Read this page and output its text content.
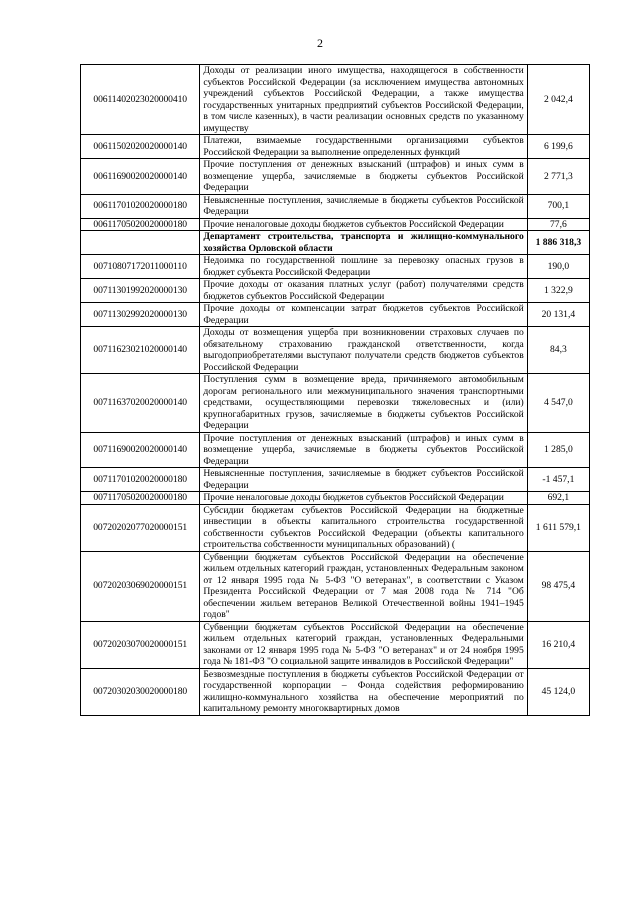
2
00611402023020000410	Доходы от реализации иного имущества, находящегося в собственности субъектов Российской Федерации (за исключением имущества автономных учреждений субъектов Российской Федерации, а также имущества государственных унитарных предприятий субъектов Российской Федерации, в том числе казенных), в части реализации основных средств по указанному имуществу	2 042,4
00611502020020000140	Платежи, взимаемые государственными организациями субъектов Российской Федерации за выполнение определенных функций	6 199,6
00611690020020000140	Прочие поступления от денежных взысканий (штрафов) и иных сумм в возмещение ущерба, зачисляемые в бюджеты субъектов Российской Федерации	2 771,3
00611701020020000180	Невыясненные поступления, зачисляемые в бюджеты субъектов Российской Федерации	700,1
00611705020020000180	Прочие неналоговые доходы бюджетов субъектов Российской Федерации	77,6
	Департамент строительства, транспорта и жилищно-коммунального хозяйства Орловской области	1 886 318,3
00710807172011000110	Недоимка по государственной пошлине за перевозку опасных грузов в бюджет субъекта Российской Федерации	190,0
00711301992020000130	Прочие доходы от оказания платных услуг (работ) получателями средств бюджетов субъектов Российской Федерации	1 322,9
00711302992020000130	Прочие доходы от компенсации затрат бюджетов субъектов Российской Федерации	20 131,4
00711623021020000140	Доходы от возмещения ущерба при возникновении страховых случаев по обязательному страхованию гражданской ответственности, когда выгодоприобретателями выступают получатели средств бюджетов субъектов Российской Федерации	84,3
00711637020020000140	Поступления сумм в возмещение вреда, причиняемого автомобильным дорогам регионального или межмуниципального значения транспортными средствами, осуществляющими перевозки тяжеловесных и (или) крупногабаритных грузов, зачисляемые в бюджеты субъектов Российской Федерации	4 547,0
00711690020020000140	Прочие поступления от денежных взысканий (штрафов) и иных сумм в возмещение ущерба, зачисляемые в бюджеты субъектов Российской Федерации	1 285,0
00711701020020000180	Невыясненные поступления, зачисляемые в бюджет субъектов Российской Федерации	-1 457,1
00711705020020000180	Прочие неналоговые доходы бюджетов субъектов Российской Федерации	692,1
00720202077020000151	Субсидии бюджетам субъектов Российской Федерации на бюджетные инвестиции в объекты капитального строительства государственной собственности субъектов Российской Федерации (объекты капитального строительства собственности муниципальных образований) (	1 611 579,1
00720203069020000151	Субвенции бюджетам субъектов Российской Федерации на обеспечение жильем отдельных категорий граждан, установленных Федеральным законом от 12 января 1995 года № 5-ФЗ "О ветеранах", в соответствии с Указом Президента Российской Федерации от 7 мая 2008 года № 714 "Об обеспечении жильем ветеранов Великой Отечественной войны 1941–1945 годов"	98 475,4
00720203070020000151	Субвенции бюджетам субъектов Российской Федерации на обеспечение жильем отдельных категорий граждан, установленных Федеральными законами от 12 января 1995 года № 5-ФЗ "О ветеранах" и от 24 ноября 1995 года № 181-ФЗ "О социальной защите инвалидов в Российской Федерации"	16 210,4
00720302030020000180	Безвозмездные поступления в бюджеты субъектов Российской Федерации от государственной корпорации – Фонда содействия реформированию жилищно-коммунального хозяйства на обеспечение мероприятий по капитальному ремонту многоквартирных домов	45 124,0
